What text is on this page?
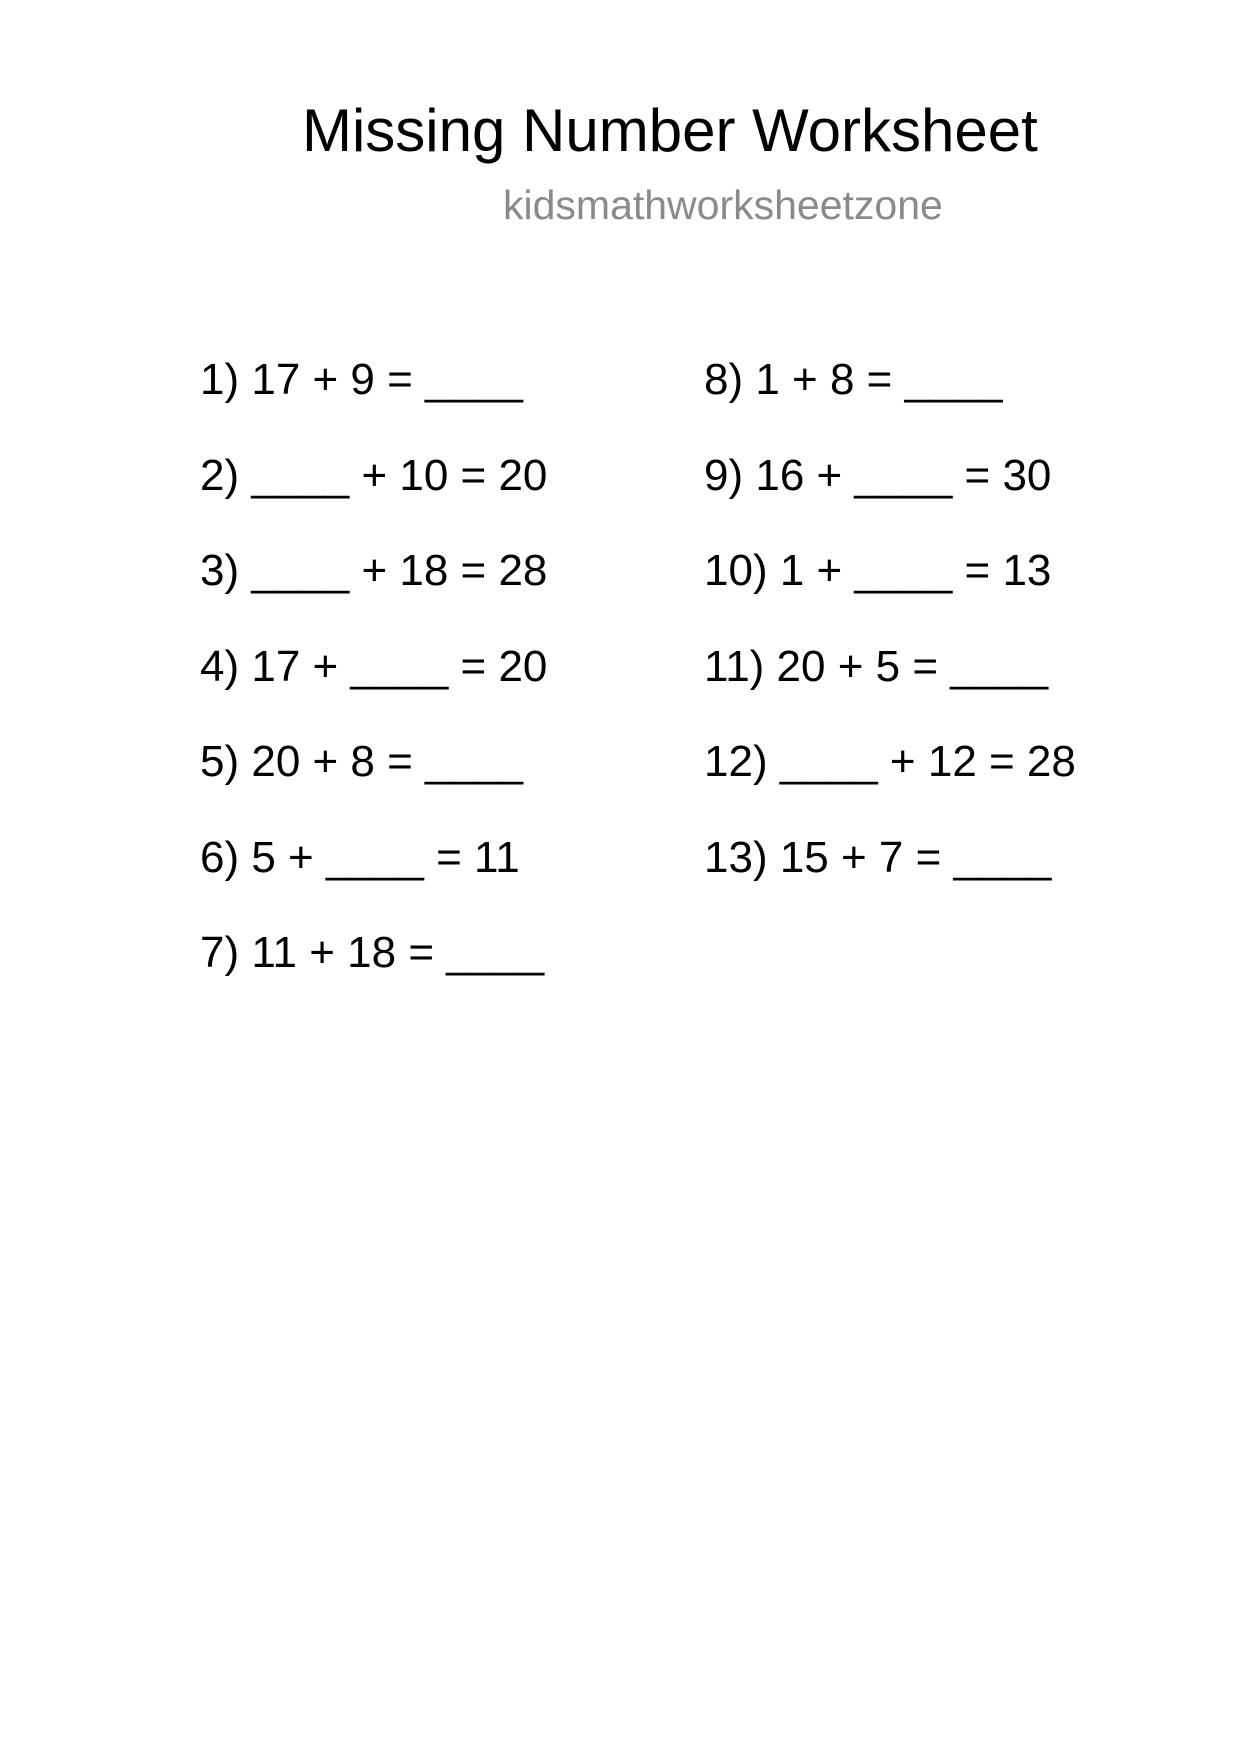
Missing Number Worksheet
kidsmathworksheetzone
1) 17 + 9 = ____
2) ____ + 10 = 20
3) ____ + 18 = 28
4) 17 + ____ = 20
5) 20 + 8 = ____
6) 5 + ____ = 11
7) 11 + 18 = ____
8) 1 + 8 = ____
9) 16 + ____ = 30
10) 1 + ____ = 13
11) 20 + 5 = ____
12) ____ + 12 = 28
13) 15 + 7 = ____
